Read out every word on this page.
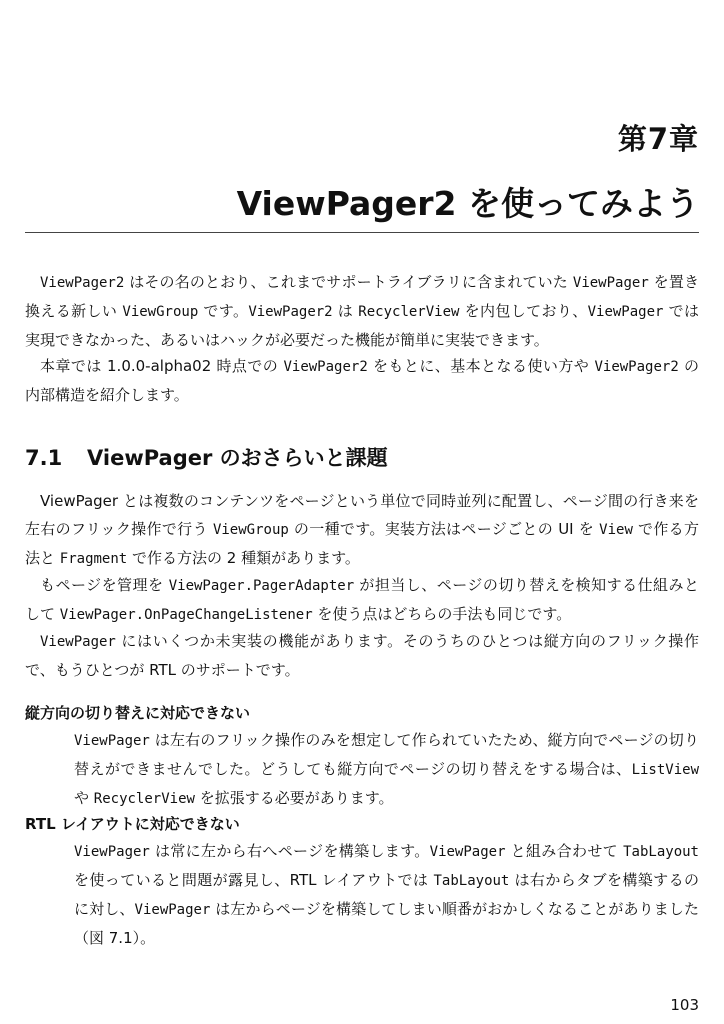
第7章
ViewPager2 を使ってみよう
ViewPager2 はその名のとおり、これまでサポートライブラリに含まれていた ViewPager を置き換える新しい ViewGroup です。ViewPager2 は RecyclerView を内包しており、ViewPager では実現できなかった、あるいはハックが必要だった機能が簡単に実装できます。
本章では 1.0.0-alpha02 時点での ViewPager2 をもとに、基本となる使い方や ViewPager2 の内部構造を紹介します。
7.1 ViewPager のおさらいと課題
ViewPager とは複数のコンテンツをページという単位で同時並列に配置し、ページ間の行き来を左右のフリック操作で行う ViewGroup の一種です。実装方法はページごとの UI を View で作る方法と Fragment で作る方法の 2 種類があります。
もページを管理を ViewPager.PagerAdapter が担当し、ページの切り替えを検知する仕組みとして ViewPager.OnPageChangeListener を使う点はどちらの手法も同じです。
ViewPager にはいくつか未実装の機能があります。そのうちのひとつは縦方向のフリック操作で、もうひとつが RTL のサポートです。
縦方向の切り替えに対応できない
ViewPager は左右のフリック操作のみを想定して作られていたため、縦方向でページの切り替えができませんでした。どうしても縦方向でページの切り替えをする場合は、ListView や RecyclerView を拡張する必要があります。
RTL レイアウトに対応できない
ViewPager は常に左から右へページを構築します。ViewPager と組み合わせて TabLayout を使っていると問題が露見し、RTL レイアウトでは TabLayout は右からタブを構築するのに対し、ViewPager は左からページを構築してしまい順番がおかしくなることがありました（図 7.1）。
103
